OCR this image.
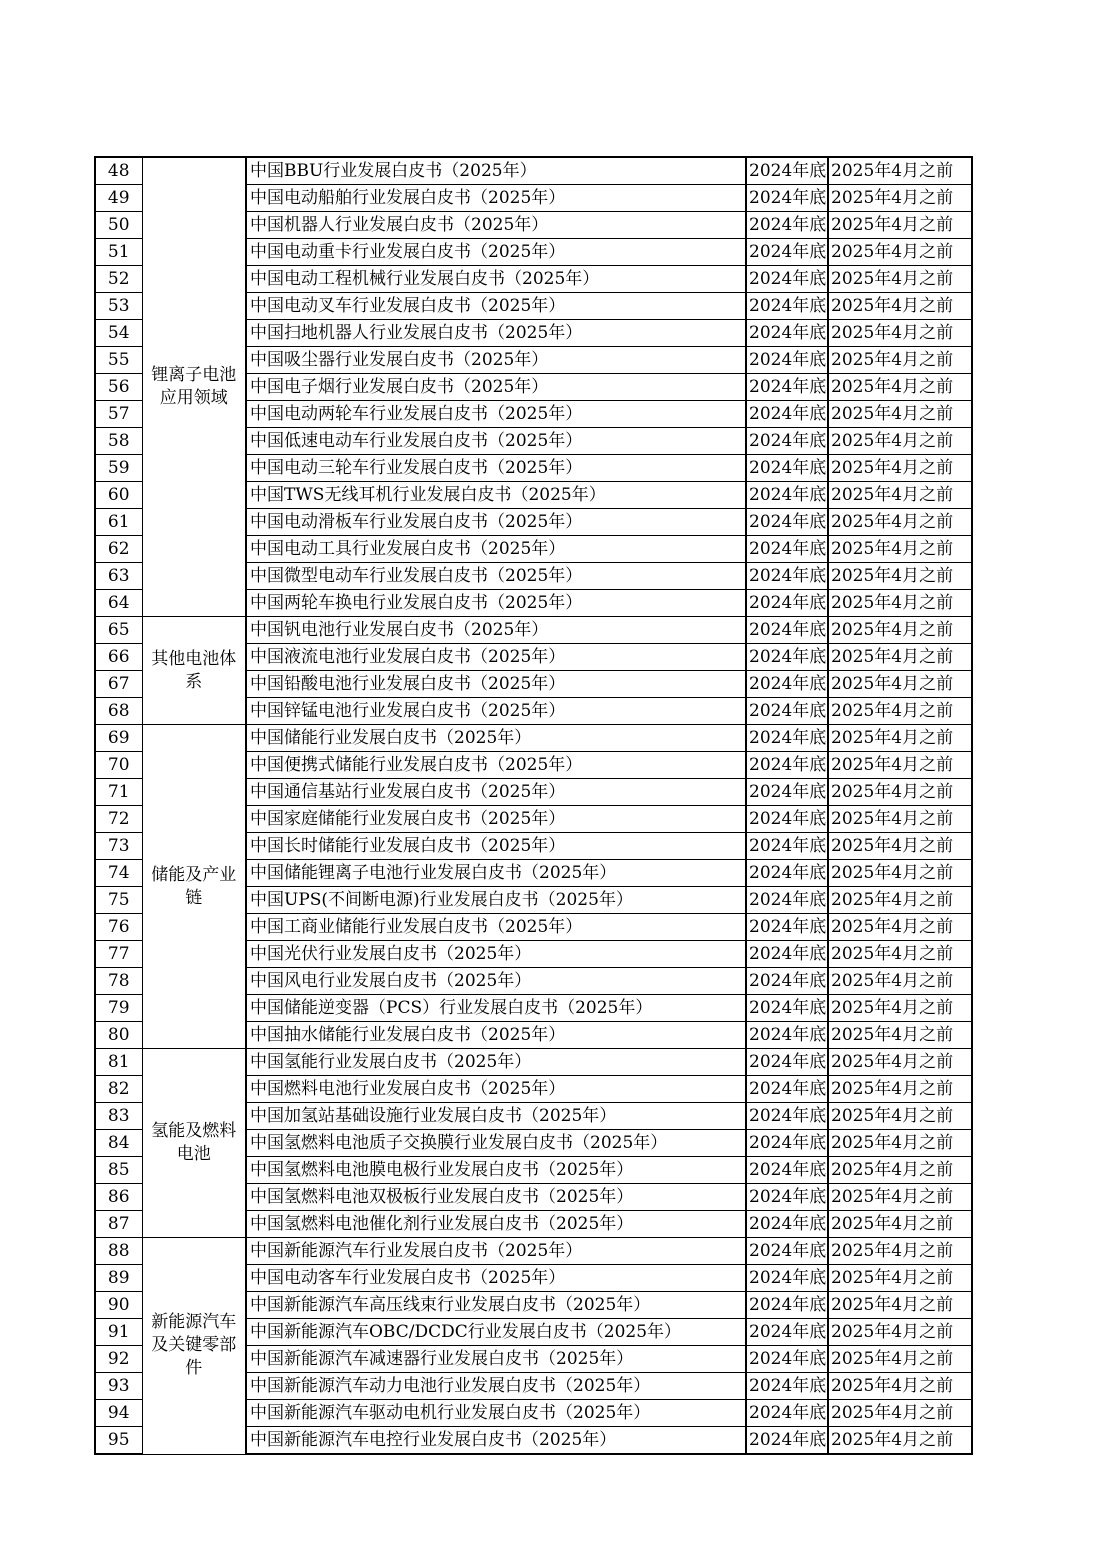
48	锂离子电池应用领域	中国BBU行业发展白皮书（2025年）	2024年底	2025年4月之前
49		中国电动船舶行业发展白皮书（2025年）	2024年底	2025年4月之前
50		中国机器人行业发展白皮书（2025年）	2024年底	2025年4月之前
51		中国电动重卡行业发展白皮书（2025年）	2024年底	2025年4月之前
52		中国电动工程机械行业发展白皮书（2025年）	2024年底	2025年4月之前
53		中国电动叉车行业发展白皮书（2025年）	2024年底	2025年4月之前
54		中国扫地机器人行业发展白皮书（2025年）	2024年底	2025年4月之前
55		中国吸尘器行业发展白皮书（2025年）	2024年底	2025年4月之前
56		中国电子烟行业发展白皮书（2025年）	2024年底	2025年4月之前
57		中国电动两轮车行业发展白皮书（2025年）	2024年底	2025年4月之前
58		中国低速电动车行业发展白皮书（2025年）	2024年底	2025年4月之前
59		中国电动三轮车行业发展白皮书（2025年）	2024年底	2025年4月之前
60		中国TWS无线耳机行业发展白皮书（2025年）	2024年底	2025年4月之前
61		中国电动滑板车行业发展白皮书（2025年）	2024年底	2025年4月之前
62		中国电动工具行业发展白皮书（2025年）	2024年底	2025年4月之前
63		中国微型电动车行业发展白皮书（2025年）	2024年底	2025年4月之前
64		中国两轮车换电行业发展白皮书（2025年）	2024年底	2025年4月之前
65	其他电池体系	中国钒电池行业发展白皮书（2025年）	2024年底	2025年4月之前
66		中国液流电池行业发展白皮书（2025年）	2024年底	2025年4月之前
67		中国铅酸电池行业发展白皮书（2025年）	2024年底	2025年4月之前
68		中国锌锰电池行业发展白皮书（2025年）	2024年底	2025年4月之前
69	储能及产业链	中国储能行业发展白皮书（2025年）	2024年底	2025年4月之前
70		中国便携式储能行业发展白皮书（2025年）	2024年底	2025年4月之前
71		中国通信基站行业发展白皮书（2025年）	2024年底	2025年4月之前
72		中国家庭储能行业发展白皮书（2025年）	2024年底	2025年4月之前
73		中国长时储能行业发展白皮书（2025年）	2024年底	2025年4月之前
74		中国储能锂离子电池行业发展白皮书（2025年）	2024年底	2025年4月之前
75		中国UPS(不间断电源)行业发展白皮书（2025年）	2024年底	2025年4月之前
76		中国工商业储能行业发展白皮书（2025年）	2024年底	2025年4月之前
77		中国光伏行业发展白皮书（2025年）	2024年底	2025年4月之前
78		中国风电行业发展白皮书（2025年）	2024年底	2025年4月之前
79		中国储能逆变器（PCS）行业发展白皮书（2025年）	2024年底	2025年4月之前
80		中国抽水储能行业发展白皮书（2025年）	2024年底	2025年4月之前
81	氢能及燃料电池	中国氢能行业发展白皮书（2025年）	2024年底	2025年4月之前
82		中国燃料电池行业发展白皮书（2025年）	2024年底	2025年4月之前
83		中国加氢站基础设施行业发展白皮书（2025年）	2024年底	2025年4月之前
84		中国氢燃料电池质子交换膜行业发展白皮书（2025年）	2024年底	2025年4月之前
85		中国氢燃料电池膜电极行业发展白皮书（2025年）	2024年底	2025年4月之前
86		中国氢燃料电池双极板行业发展白皮书（2025年）	2024年底	2025年4月之前
87		中国氢燃料电池催化剂行业发展白皮书（2025年）	2024年底	2025年4月之前
88	新能源汽车及关键零部件	中国新能源汽车行业发展白皮书（2025年）	2024年底	2025年4月之前
89		中国电动客车行业发展白皮书（2025年）	2024年底	2025年4月之前
90		中国新能源汽车高压线束行业发展白皮书（2025年）	2024年底	2025年4月之前
91		中国新能源汽车OBC/DCDC行业发展白皮书（2025年）	2024年底	2025年4月之前
92		中国新能源汽车减速器行业发展白皮书（2025年）	2024年底	2025年4月之前
93		中国新能源汽车动力电池行业发展白皮书（2025年）	2024年底	2025年4月之前
94		中国新能源汽车驱动电机行业发展白皮书（2025年）	2024年底	2025年4月之前
95		中国新能源汽车电控行业发展白皮书（2025年）	2024年底	2025年4月之前
